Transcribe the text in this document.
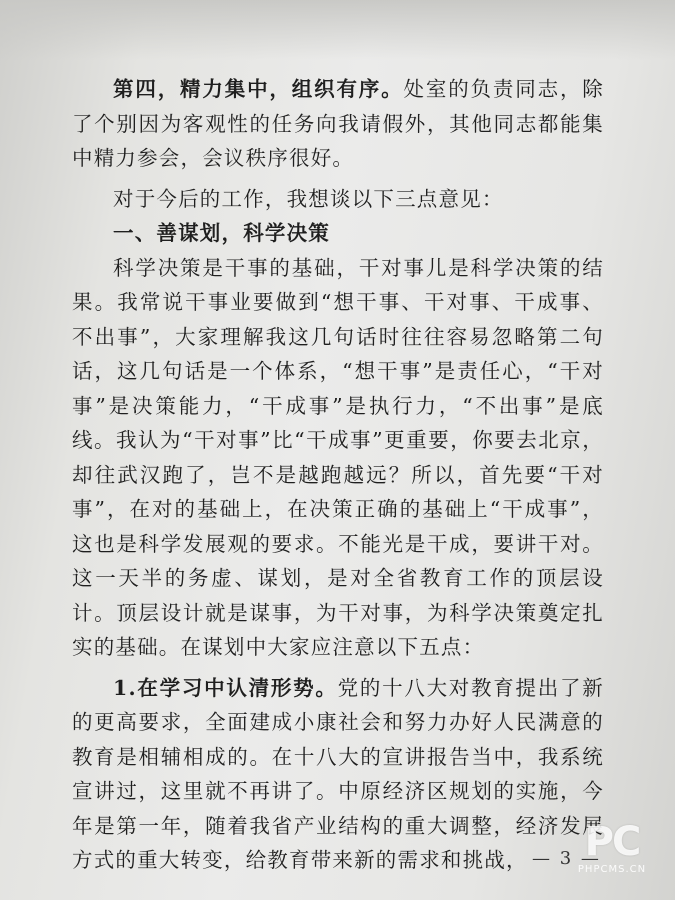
第四，精力集中，组织有序。处室的负责同志，除了个别因为客观性的任务向我请假外，其他同志都能集中精力参会，会议秩序很好。

对于今后的工作，我想谈以下三点意见：

一、善谋划，科学决策

科学决策是干事的基础，干对事儿是科学决策的结果。我常说干事业要做到“想干事、干对事、干成事、不出事”，大家理解我这几句话时往往容易忽略第二句话，这几句话是一个体系，“想干事”是责任心，“干对事”是决策能力，“干成事”是执行力，“不出事”是底线。我认为“干对事”比“干成事”更重要，你要去北京，却往武汉跑了，岂不是越跑越远？所以，首先要“干对事”，在对的基础上，在决策正确的基础上“干成事”，这也是科学发展观的要求。不能光是干成，要讲干对。这一天半的务虚、谋划，是对全省教育工作的顶层设计。顶层设计就是谋事，为干对事，为科学决策奠定扎实的基础。在谋划中大家应注意以下五点：

1.在学习中认清形势。党的十八大对教育提出了新的更高要求，全面建成小康社会和努力办好人民满意的教育是相辅相成的。在十八大的宣讲报告当中，我系统宣讲过，这里就不再讲了。中原经济区规划的实施，今年是第一年，随着我省产业结构的重大调整，经济发展方式的重大转变，给教育带来新的需求和挑战， — 3 —
PC
PHPCMS.CN
